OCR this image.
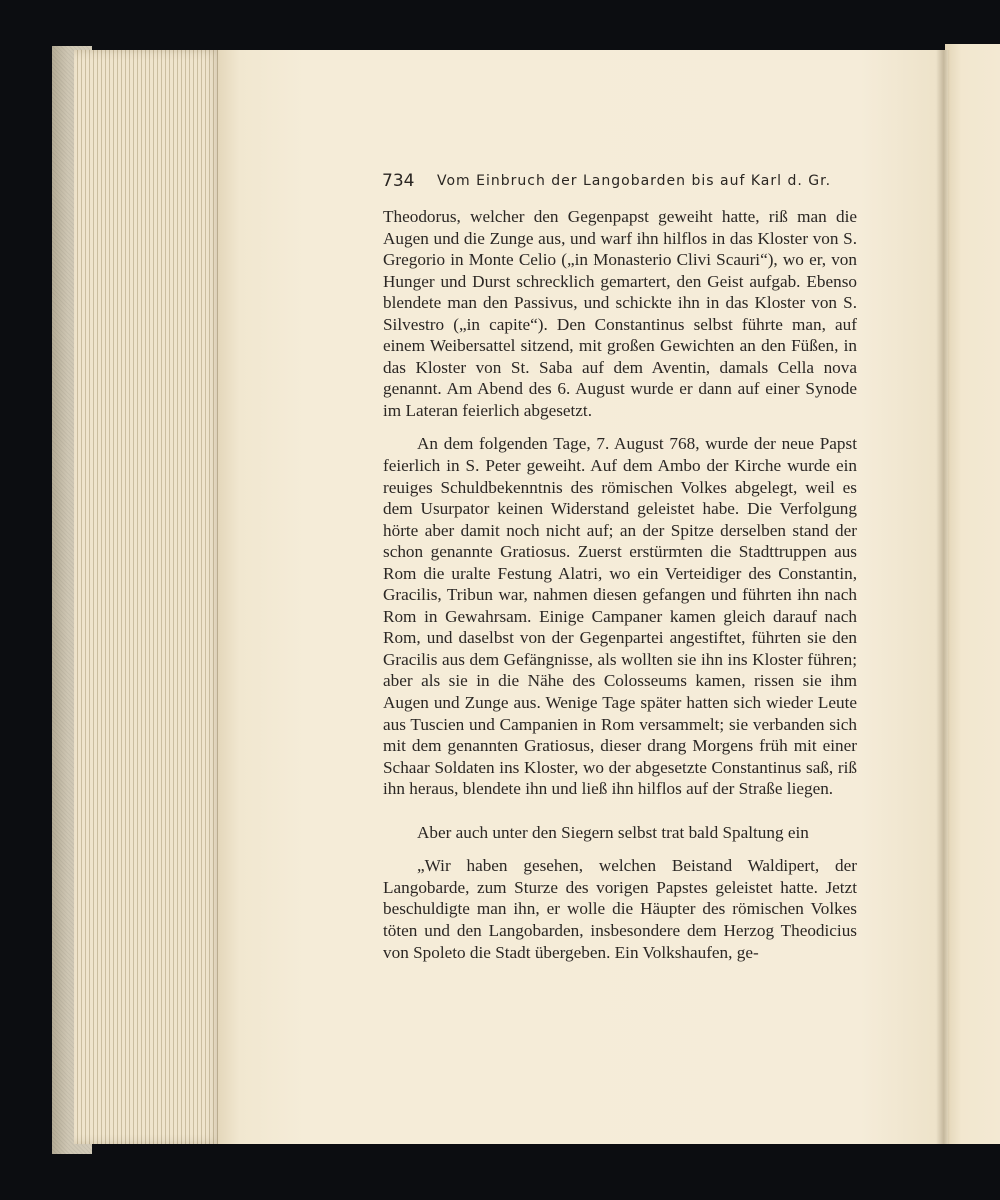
734 Vom Einbruch der Langobarden bis auf Karl d. Gr.

Theodorus, welcher den Gegenpapst geweiht hatte, riß man die Augen und die Zunge aus, und warf ihn hilflos in das Kloster von S. Gregorio in Monte Celio („in Monasterio Clivi Scauri“), wo er, von Hunger und Durst schrecklich gemartert, den Geist aufgab. Ebenso blendete man den Passivus, und schickte ihn in das Kloster von S. Silvestro („in capite“). Den Constantinus selbst führte man, auf einem Weibersattel sitzend, mit großen Gewichten an den Füßen, in das Kloster von St. Saba auf dem Aventin, damals Cella nova genannt. Am Abend des 6. August wurde er dann auf einer Synode im Lateran feierlich abgesetzt.

An dem folgenden Tage, 7. August 768, wurde der neue Papst feierlich in S. Peter geweiht. Auf dem Ambo der Kirche wurde ein reuiges Schuldbekenntnis des römischen Volkes abgelegt, weil es dem Usurpator keinen Widerstand geleistet habe. Die Verfolgung hörte aber damit noch nicht auf; an der Spitze derselben stand der schon genannte Gratiosus. Zuerst erstürmten die Stadttruppen aus Rom die uralte Festung Alatri, wo ein Verteidiger des Constantin, Gracilis, Tribun war, nahmen diesen gefangen und führten ihn nach Rom in Gewahrsam. Einige Campaner kamen gleich darauf nach Rom, und daselbst von der Gegenpartei angestiftet, führten sie den Gracilis aus dem Gefängnisse, als wollten sie ihn ins Kloster führen; aber als sie in die Nähe des Colosseums kamen, rissen sie ihm Augen und Zunge aus. Wenige Tage später hatten sich wieder Leute aus Tuscien und Campanien in Rom versammelt; sie verbanden sich mit dem genannten Gratiosus, dieser drang Morgens früh mit einer Schaar Soldaten ins Kloster, wo der abgesetzte Constantinus saß, riß ihn heraus, blendete ihn und ließ ihn hilflos auf der Straße liegen.

Aber auch unter den Siegern selbst trat bald Spaltung ein

„Wir haben gesehen, welchen Beistand Waldipert, der Langobarde, zum Sturze des vorigen Papstes geleistet hatte. Jetzt beschuldigte man ihn, er wolle die Häupter des römischen Volkes töten und den Langobarden, insbesondere dem Herzog Theodicius von Spoleto die Stadt übergeben. Ein Volkshaufen, ge-
